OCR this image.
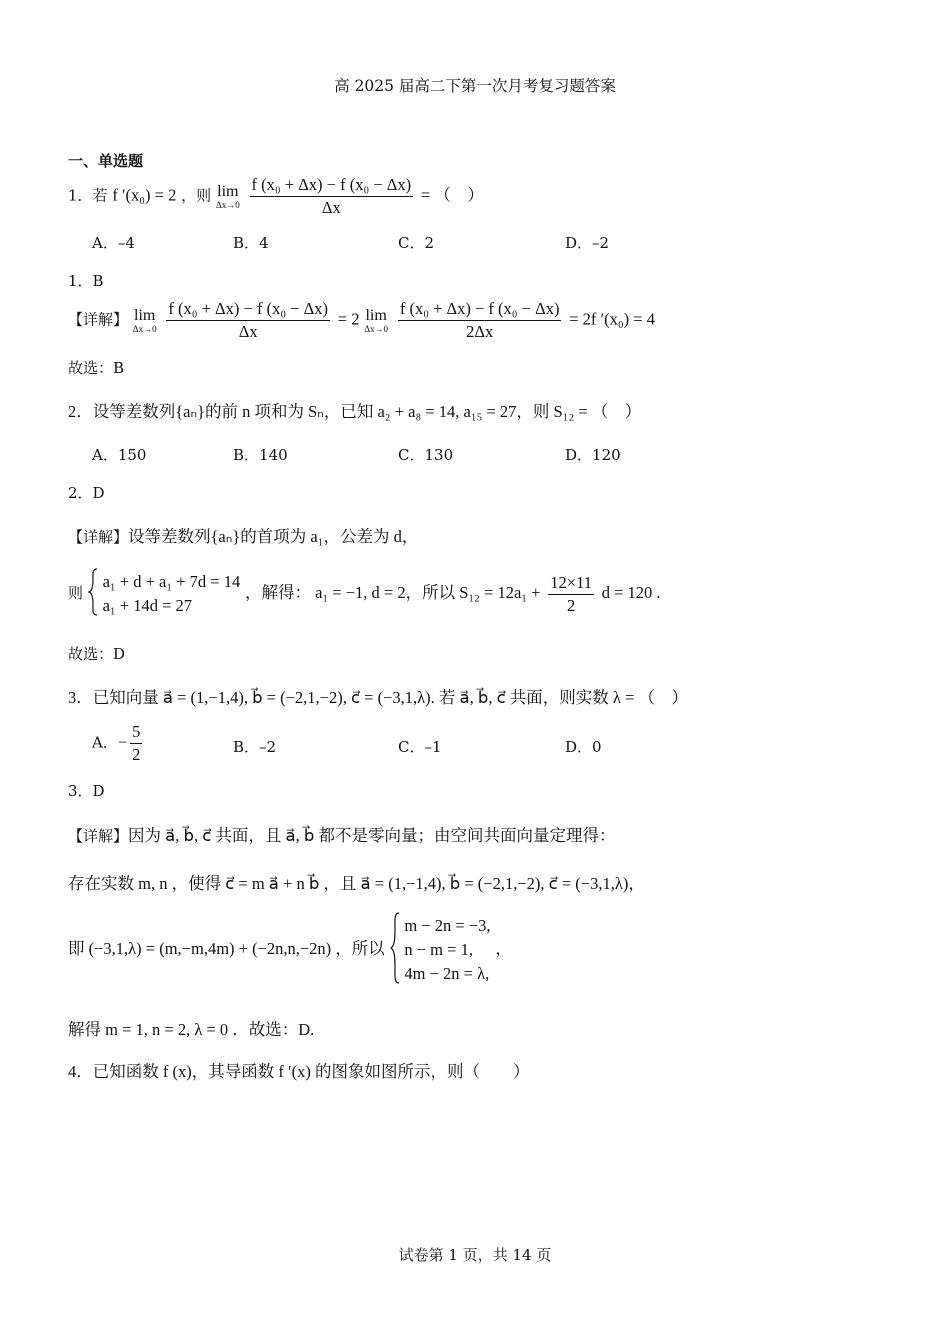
高 2025 届高二下第一次月考复习题答案
一、单选题
1．若 f ′(x₀) = 2 ，则 lim
Δx→0
$\frac{\text{f (x₀ + Δx) − f (x₀ − Δx)}}{\Delta x}$ = （　）
A．–4	B．4	C．2	D．–2
1．B
【详解】 lim
Δx→0
$\frac{\text{f (x₀ + Δx) − f (x₀ − Δx)}}{\Delta x} = 2$ lim
Δx→0
$\frac{\text{f (x₀ + Δx) − f (x₀ − Δx)}}{2\Delta x} = 2f$ ′(x₀) = 4
故选：B
2．设等差数列{aₙ}的前 n 项和为 Sₙ，已知 a₂ + a₈ = 14, a₁₅ = 27，则 S₁₂ = （　）
A．150	B．140	C．130	D．120
2．D
【详解】设等差数列{aₙ}的首项为 a₁，公差为 d，
则
a₁ + d + a₁ + 7d = 14
a₁ + 14d = 27
，解得： a₁ = −1, d = 2，所以 $S_{12} = 12a_1 + \frac{12\times 11}{2}$ d = 120 .
故选：D
3．已知向量 a⃗ = (1,−1,4), b⃗ = (−2,1,−2), c⃗ = (−3,1,λ). 若 a⃗, b⃗, c⃗ 共面，则实数 λ = （　）
A．− $\frac{5}{2}$	B．–2	C．–1	D．0
3．D
【详解】因为 a⃗, b⃗, c⃗ 共面，且 a⃗, b⃗ 都不是零向量；由空间共面向量定理得：
存在实数 m, n ，使得 c⃗ = m a⃗ + n b⃗ ，且 a⃗ = (1,−1,4), b⃗ = (−2,1,−2), c⃗ = (−3,1,λ)，
即 (−3,1,λ) = (m,−m,4m) + (−2n,n,−2n) ，所以
m − 2n = −3,
n − m = 1,
4m − 2n = λ,
，
解得 m = 1, n = 2, λ = 0 ．故选：D.
4．已知函数 f (x)，其导函数 f ′(x) 的图象如图所示，则（　　）
试卷第 1 页，共 14 页
